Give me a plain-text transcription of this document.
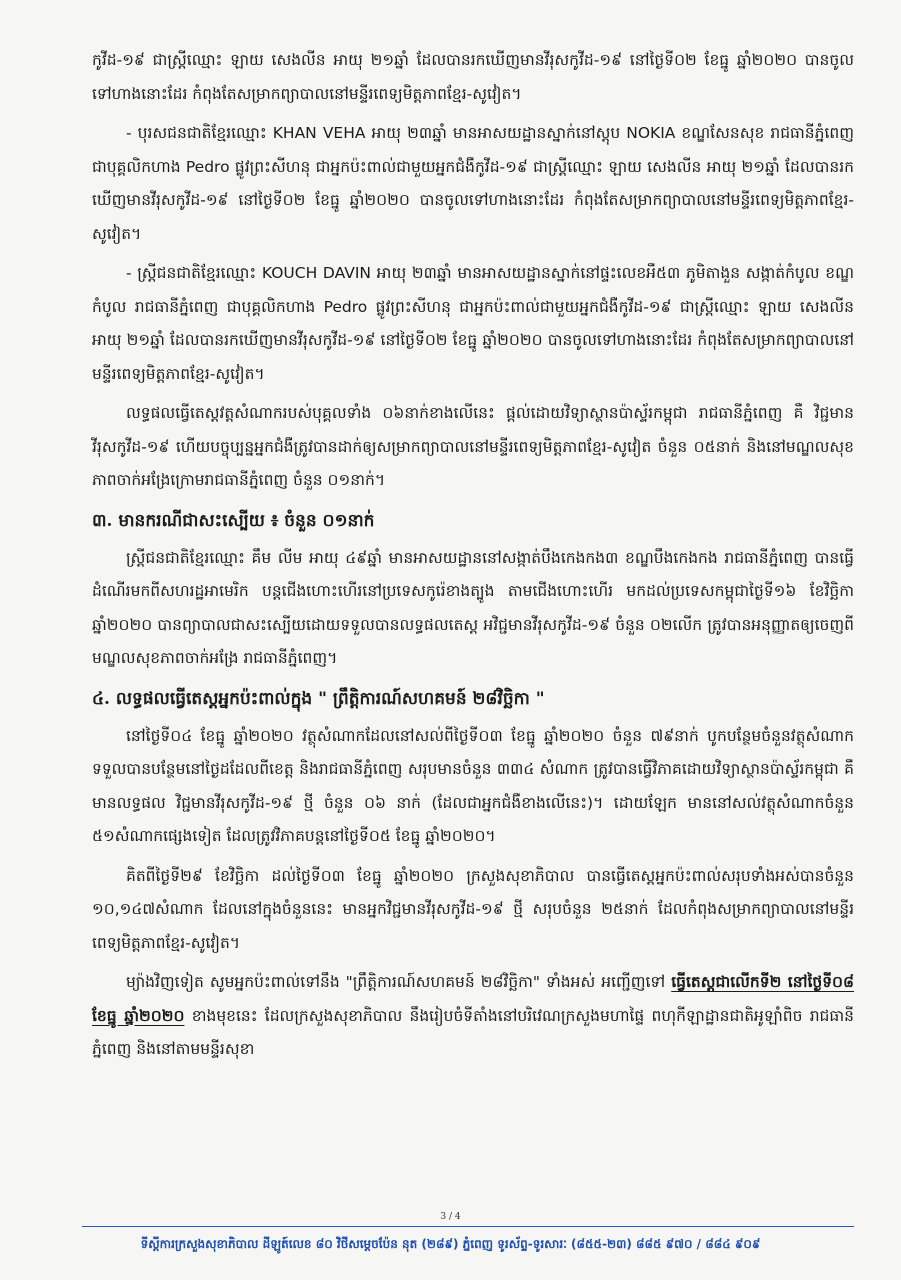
កូវីដ-១៩ ជាស្ត្រីឈ្មោះ ឡាយ សេងលីន អាយុ ២១ឆ្នាំ ដែលបានរកឃើញមានវីរុសកូវីដ-១៩ នៅថ្ងៃទី០២ ខែធ្នូ ឆ្នាំ២០២០ បានចូលទៅហាងនោះដែរ កំពុងតែសម្រាកព្យាបាលនៅមន្ទីរពេទ្យមិត្តភាពខ្មែរ-សូវៀត។

- បុរសជនជាតិខ្មែរឈ្មោះ KHAN VEHA អាយុ ២៣ឆ្នាំ មានអាសយដ្ឋានស្នាក់នៅស្តុប NOKIA ខណ្ឌសែនសុខ រាជធានីភ្នំពេញ ជាបុគ្គលិកហាង Pedro ផ្លូវព្រះសីហនុ ជាអ្នកប៉ះពាល់ជាមួយអ្នកជំងឺកូវីដ-១៩ ជាស្ត្រីឈ្មោះ ឡាយ សេងលីន អាយុ ២១ឆ្នាំ ដែលបានរកឃើញមានវីរុសកូវីដ-១៩ នៅថ្ងៃទី០២ ខែធ្នូ ឆ្នាំ២០២០ បានចូលទៅហាងនោះដែរ កំពុងតែសម្រាកព្យាបាលនៅមន្ទីរពេទ្យមិត្តភាពខ្មែរ-សូវៀត។

- ស្ត្រីជនជាតិខ្មែរឈ្មោះ KOUCH DAVIN អាយុ ២៣ឆ្នាំ មានអាសយដ្ឋានស្នាក់នៅផ្ទះលេខអឺ៥៣ ភូមិតាងួន សង្កាត់កំបូល ខណ្ឌកំបូល រាជធានីភ្នំពេញ ជាបុគ្គលិកហាង Pedro ផ្លូវព្រះសីហនុ ជាអ្នកប៉ះពាល់ជាមួយអ្នកជំងឺកូវីដ-១៩ ជាស្ត្រីឈ្មោះ ឡាយ សេងលីន អាយុ ២១ឆ្នាំ ដែលបានរកឃើញមានវីរុសកូវីដ-១៩ នៅថ្ងៃទី០២ ខែធ្នូ ឆ្នាំ២០២០ បានចូលទៅហាងនោះដែរ កំពុងតែសម្រាកព្យាបាលនៅមន្ទីរពេទ្យមិត្តភាពខ្មែរ-សូវៀត។

លទ្ធផលធ្វើតេស្តវត្តសំណាករបស់បុគ្គលទាំង ០៦នាក់ខាងលើនេះ ផ្តល់ដោយវិទ្យាស្ថានប៉ាស្ទ័រកម្ពុជា រាជធានីភ្នំពេញ គឺ វិជ្ជមានវីរុសកូវីដ-១៩ ហើយបច្ចុប្បន្នអ្នកជំងឺត្រូវបានដាក់ឲ្យសម្រាកព្យាបាលនៅមន្ទីរពេទ្យមិត្តភាពខ្មែរ-សូវៀត ចំនួន ០៥នាក់ និងនៅមណ្ឌលសុខភាពចាក់អង្រែក្រោមរាជធានីភ្នំពេញ ចំនួន ០១នាក់។

៣. មានករណីជាសះស្បើយ ៖ ចំនួន ០១នាក់

ស្ត្រីជនជាតិខ្មែរឈ្មោះ គឹម លីម អាយុ ៤៩ឆ្នាំ មានអាសយដ្ឋាននៅសង្កាត់បឹងកេងកង៣ ខណ្ឌបឹងកេងកង រាជធានីភ្នំពេញ បានធ្វើដំណើរមកពីសហរដ្ឋអាមេរិក បន្តជើងហោះហើរនៅប្រទេសកូរ៉េខាងត្បូង តាមជើងហោះហើរ មកដល់ប្រទេសកម្ពុជាថ្ងៃទី១៦ ខែវិច្ឆិកា ឆ្នាំ២០២០ បានព្យាបាលជាសះស្បើយដោយទទួលបានលទ្ធផលតេស្ត អវិជ្ជមានវីរុសកូវីដ-១៩ ចំនួន ០២លើក ត្រូវបានអនុញ្ញាតឲ្យចេញពីមណ្ឌលសុខភាពចាក់អង្រែ រាជធានីភ្នំពេញ។

៤. លទ្ធផលធ្វើតេស្តអ្នកប៉ះពាល់ក្នុង " ព្រឹត្តិការណ៍សហគមន៍ ២៨វិច្ឆិកា "

នៅថ្ងៃទី០៤ ខែធ្នូ ឆ្នាំ២០២០ វត្ថុសំណាកដែលនៅសល់ពីថ្ងៃទី០៣ ខែធ្នូ ឆ្នាំ២០២០ ចំនួន ៧៩នាក់ បូកបន្ថែមចំនួនវត្ថុសំណាកទទួលបានបន្ថែមនៅថ្ងៃដដែលពីខេត្ត និងរាជធានីភ្នំពេញ សរុបមានចំនួន ៣៣៤ សំណាក ត្រូវបានធ្វើវិភាគដោយវិទ្យាស្ថានប៉ាស្ទ័រកម្ពុជា គឺមានលទ្ធផល វិជ្ជមានវីរុសកូវីដ-១៩ ថ្មី ចំនួន ០៦ នាក់ (ដែលជាអ្នកជំងឺខាងលើនេះ)។ ដោយឡែក មាននៅសល់វត្ថុសំណាកចំនួន ៥១សំណាកផ្សេងទៀត ដែលត្រូវវិភាគបន្តនៅថ្ងៃទី០៥ ខែធ្នូ ឆ្នាំ២០២០។

គិតពីថ្ងៃទី២៩ ខែវិច្ឆិកា ដល់ថ្ងៃទី០៣ ខែធ្នូ ឆ្នាំ២០២០ ក្រសួងសុខាភិបាល បានធ្វើតេស្តអ្នកប៉ះពាល់សរុបទាំងអស់បានចំនួន ១០,១៤៧សំណាក ដែលនៅក្នុងចំនួននេះ មានអ្នកវិជ្ជមានវីរុសកូវីដ-១៩ ថ្មី សរុបចំនួន ២៥នាក់ ដែលកំពុងសម្រាកព្យាបាលនៅមន្ទីរពេទ្យមិត្តភាពខ្មែរ-សូវៀត។

ម្យ៉ាងវិញទៀត សូមអ្នកប៉ះពាល់ទៅនឹង "ព្រឹត្តិការណ៍សហគមន៍ ២៨វិច្ឆិកា" ទាំងអស់ អញ្ជើញទៅ ធ្វើតេស្តជាលើកទី២ នៅថ្ងៃទី០៨ ខែធ្នូ ឆ្នាំ២០២០ ខាងមុខនេះ ដែលក្រសួងសុខាភិបាល នឹងរៀបចំទីតាំងនៅបរិវេណក្រសួងមហាផ្ទៃ ពហុកីឡាដ្ឋានជាតិអូឡាំពិច រាជធានីភ្នំពេញ និងនៅតាមមន្ទីរសុខា

3 / 4
ទីស្តីការក្រសួងសុខាភិបាល ដីឡូត៍លេខ ៨០ វិថីសម្តេចប៉ែន នុត (២៨៩) ភ្នំពេញ ទូរស័ព្ទ-ទូរសារៈ (៨៥៥-២៣) ៨៨៥ ៩៧០ / ៨៨៤ ៩០៩
